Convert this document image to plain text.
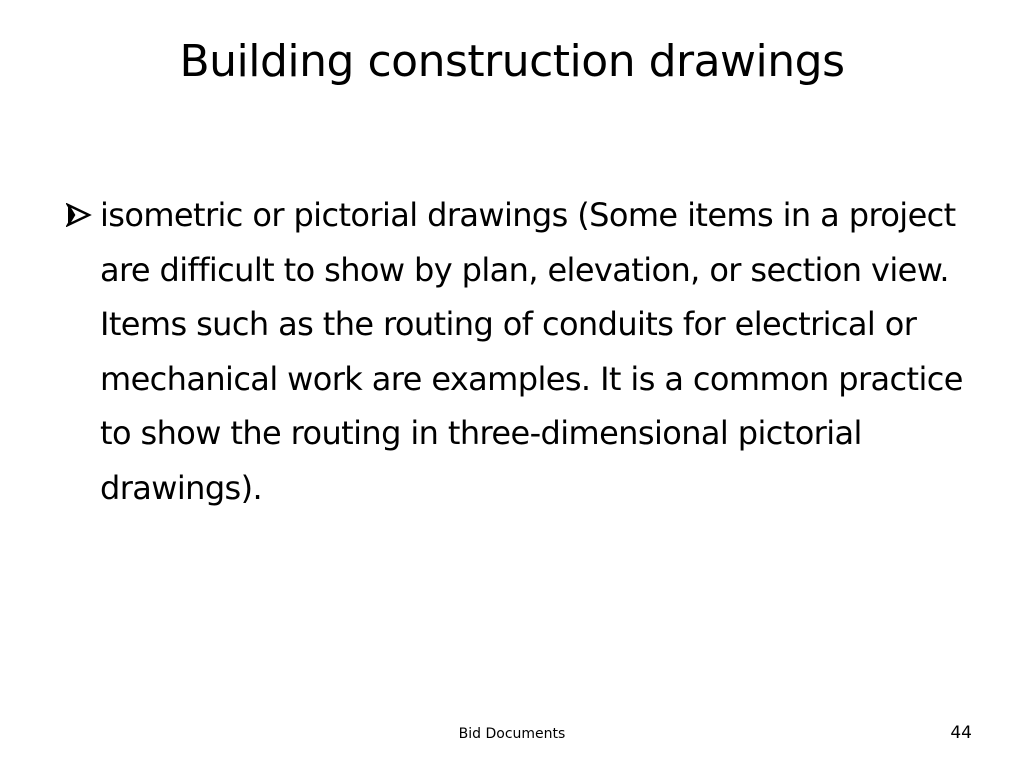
Building construction drawings

isometric or pictorial drawings (Some items in a project are difficult to show by plan, elevation, or section view. Items such as the routing of conduits for electrical or mechanical work are examples. It is a common practice to show the routing in three-dimensional pictorial drawings).

Bid Documents	44
